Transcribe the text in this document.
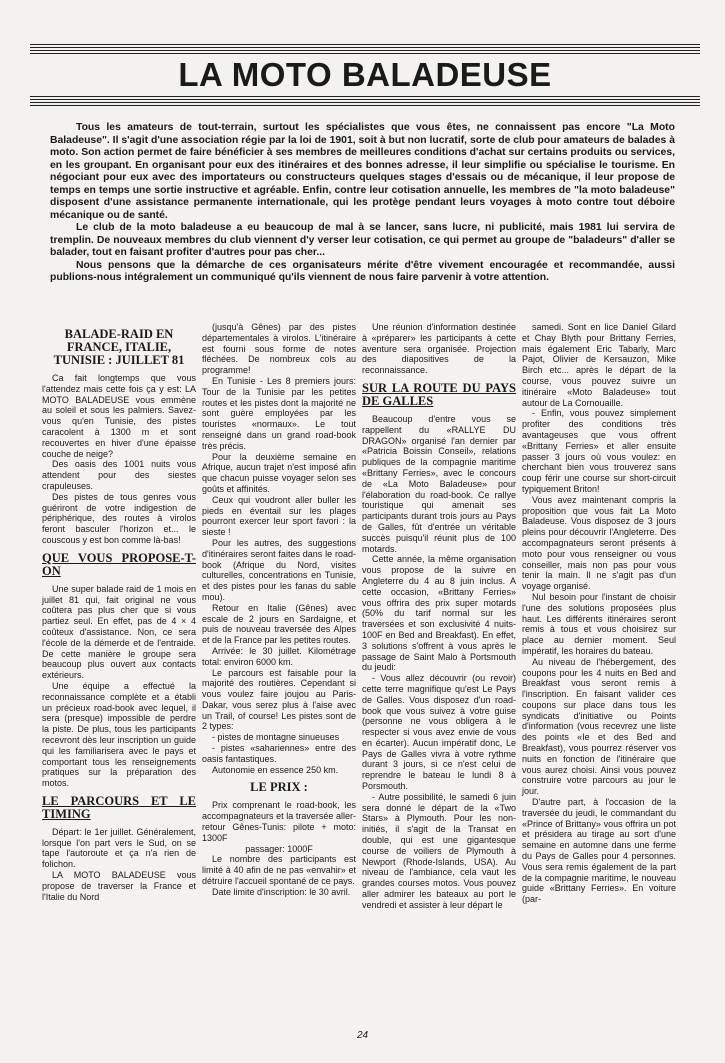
LA MOTO BALADEUSE

Tous les amateurs de tout-terrain, surtout les spécialistes que vous êtes, ne connaissent pas encore "La Moto Baladeuse". Il s'agit d'une association régie par la loi de 1901, soit à but non lucratif, sorte de club pour amateurs de balades à moto. Son action permet de faire bénéficier à ses membres de meilleures conditions d'achat sur certains produits ou services, en les groupant. En organisant pour eux des itinéraires et des bonnes adresse, il leur simplifie ou spécialise le tourisme. En négociant pour eux avec des importateurs ou constructeurs quelques stages d'essais ou de mécanique, il leur propose de temps en temps une sortie instructive et agréable. Enfin, contre leur cotisation annuelle, les membres de "la moto baladeuse" disposent d'une assistance permanente internationale, qui les protège pendant leurs voyages à moto contre tout déboire mécanique ou de santé.

Le club de la moto baladeuse a eu beaucoup de mal à se lancer, sans lucre, ni publicité, mais 1981 lui servira de tremplin. De nouveaux membres du club viennent d'y verser leur cotisation, ce qui permet au groupe de "baladeurs" d'aller se balader, tout en faisant profiter d'autres pour pas cher...

Nous pensons que la démarche de ces organisateurs mérite d'être vivement encouragée et recommandée, aussi publions-nous intégralement un communiqué qu'ils viennent de nous faire parvenir à votre attention.

BALADE-RAID EN FRANCE, ITALIE, TUNISIE : JUILLET 81

Ca fait longtemps que vous l'attendez mais cette fois ça y est: LA MOTO BALADEUSE vous emmène au soleil et sous les palmiers. Savez-vous qu'en Tunisie, des pistes caracolent à 1300 m et sont recouvertes en hiver d'une épaisse couche de neige?

Des oasis des 1001 nuits vous attendent pour des siestes crapuleuses.

Des pistes de tous genres vous guériront de votre indigestion de périphérique, des routes à virolos feront basculer l'horizon et... le couscous y est bon comme là-bas!

QUE VOUS PROPOSE-T-ON

Une super balade raid de 1 mois en juillet 81 qui, fait original ne vous coûtera pas plus cher que si vous partiez seul. En effet, pas de 4 × 4 coûteux d'assistance. Non, ce sera l'école de la démerde et de l'entraide. De cette manière le groupe sera beaucoup plus ouvert aux contacts extérieurs.

Une équipe a effectué la reconnaissance complète et a établi un précieux road-book avec lequel, il sera (presque) impossible de perdre la piste. De plus, tous les participants recevront dès leur inscription un guide qui les familiarisera avec le pays et comportant tous les renseignements pratiques sur la préparation des motos.

LE PARCOURS ET LE TIMING

Départ: le 1er juillet. Généralement, lorsque l'on part vers le Sud, on se tape l'autoroute et ça n'a rien de folichon.

LA MOTO BALADEUSE vous propose de traverser la France et l'Italie du Nord

(jusqu'à Gênes) par des pistes départementales à virolos. L'itinéraire est fourni sous forme de notes fléchées. De nombreux cols au programme!

En Tunisie - Les 8 premiers jours: Tour de la Tunisie par les petites routes et les pistes dont la majorité ne sont guère employées par les touristes «normaux». Le tout renseigné dans un grand road-book très précis.

Pour la deuxième semaine en Afrique, aucun trajet n'est imposé afin que chacun puisse voyager selon ses goûts et affinités.

Ceux qui voudront aller buller les pieds en éventail sur les plages pourront exercer leur sport favori : la sieste !

Pour les autres, des suggestions d'itinéraires seront faites dans le road-book (Afrique du Nord, visites culturelles, concentrations en Tunisie, et des pistes pour les fanas du sable mou).

Retour en Italie (Gênes) avec escale de 2 jours en Sardaigne, et puis de nouveau traversée des Alpes et de la France par les petites routes.

Arrivée: le 30 juillet. Kilométrage total: environ 6000 km.

Le parcours est faisable pour la majorité des routières. Cependant si vous voulez faire joujou au Paris-Dakar, vous serez plus à l'aise avec un Trail, of course! Les pistes sont de 2 types:

- pistes de montagne sinueuses

- pistes «sahariennes» entre des oasis fantastiques.

Autonomie en essence 250 km.

LE PRIX :

Prix comprenant le road-book, les accompagnateurs et la traversée aller-retour Gênes-Tunis: pilote + moto: 1300F

passager: 1000F

Le nombre des participants est limité à 40 afin de ne pas «envahir» et détruire l'accueil spontané de ce pays.

Date limite d'inscription: le 30 avril.

Une réunion d'information destinée à «préparer» les participants à cette aventure sera organisée. Projection des diapositives de la reconnaissance.

SUR LA ROUTE DU PAYS DE GALLES

Beaucoup d'entre vous se rappellent du «RALLYE DU DRAGON» organisé l'an dernier par «Patricia Boissin Conseil», relations publiques de la compagnie maritime «Brittany Ferries», avec le concours de «La Moto Baladeuse» pour l'élaboration du road-book. Ce rallye touristique qui amenait ses participants durant trois jours au Pays de Galles, fût d'entrée un véritable succès puisqu'il réunit plus de 100 motards.

Cette année, la même organisation vous propose de la suivre en Angleterre du 4 au 8 juin inclus. A cette occasion, «Brittany Ferries» vous offrira des prix super motards (50% du tarif normal sur les traversées et son exclusivité 4 nuits-100F en Bed and Breakfast). En effet, 3 solutions s'offrent à vous après le passage de Saint Malo à Portsmouth du jeudi:

- Vous allez découvrir (ou revoir) cette terre magnifique qu'est Le Pays de Galles. Vous disposez d'un road-book que vous suivez à votre guise (personne ne vous obligera à le respecter si vous avez envie de vous en écarter). Aucun impératif donc, Le Pays de Galles vivra à votre rythme durant 3 jours, si ce n'est celui de reprendre le bateau le lundi 8 à Porsmouth.

- Autre possibilité, le samedi 6 juin sera donné le départ de la «Two Stars» à Plymouth. Pour les non-initiés, il s'agit de la Transat en double, qui est une gigantesque course de voiliers de Plymouth à Newport (Rhode-Islands, USA). Au niveau de l'ambiance, cela vaut les grandes courses motos. Vous pouvez aller admirer les bateaux au port le vendredi et assister à leur départ le

samedi. Sont en lice Daniel Gilard et Chay Blyth pour Brittany Ferries, mais également Eric Tabarly, Marc Pajot, Olivier de Kersauzon, Mike Birch etc... après le départ de la course, vous pouvez suivre un itinéraire «Moto Baladeuse» tout autour de La Cornouaille.

- Enfin, vous pouvez simplement profiter des conditions très avantageuses que vous offrent «Brittany Ferries» et aller ensuite passer 3 jours où vous voulez: en cherchant bien vous trouverez sans coup férir une course sur short-circuit typiquement Briton!

Vous avez maintenant compris la proposition que vous fait La Moto Baladeuse. Vous disposez de 3 jours pleins pour découvrir l'Angleterre. Des accompagnateurs seront présents à moto pour vous renseigner ou vous conseiller, mais non pas pour vous tenir la main. Il ne s'agit pas d'un voyage organisé.

Nul besoin pour l'instant de choisir l'une des solutions proposées plus haut. Les différents itinéraires seront remis à tous et vous choisirez sur place au dernier moment. Seul impératif, les horaires du bateau.

Au niveau de l'hébergement, des coupons pour les 4 nuits en Bed and Breakfast vous seront remis à l'inscription. En faisant valider ces coupons sur place dans tous les syndicats d'initiative ou Points d'information (vous recevrez une liste des points «Ie et des Bed and Breakfast), vous pourrez réserver vos nuits en fonction de l'itinéraire que vous aurez choisi. Ainsi vous pouvez construire votre parcours au jour le jour.

D'autre part, à l'occasion de la traversée du jeudi, le commandant du «Prince of Brittany» vous offrira un pot et présidera au tirage au sort d'une semaine en automne dans une ferme du Pays de Galles pour 4 personnes. Vous sera remis également de la part de la compagnie maritime, le nouveau guide «Brittany Ferries». En voiture (par-

24
